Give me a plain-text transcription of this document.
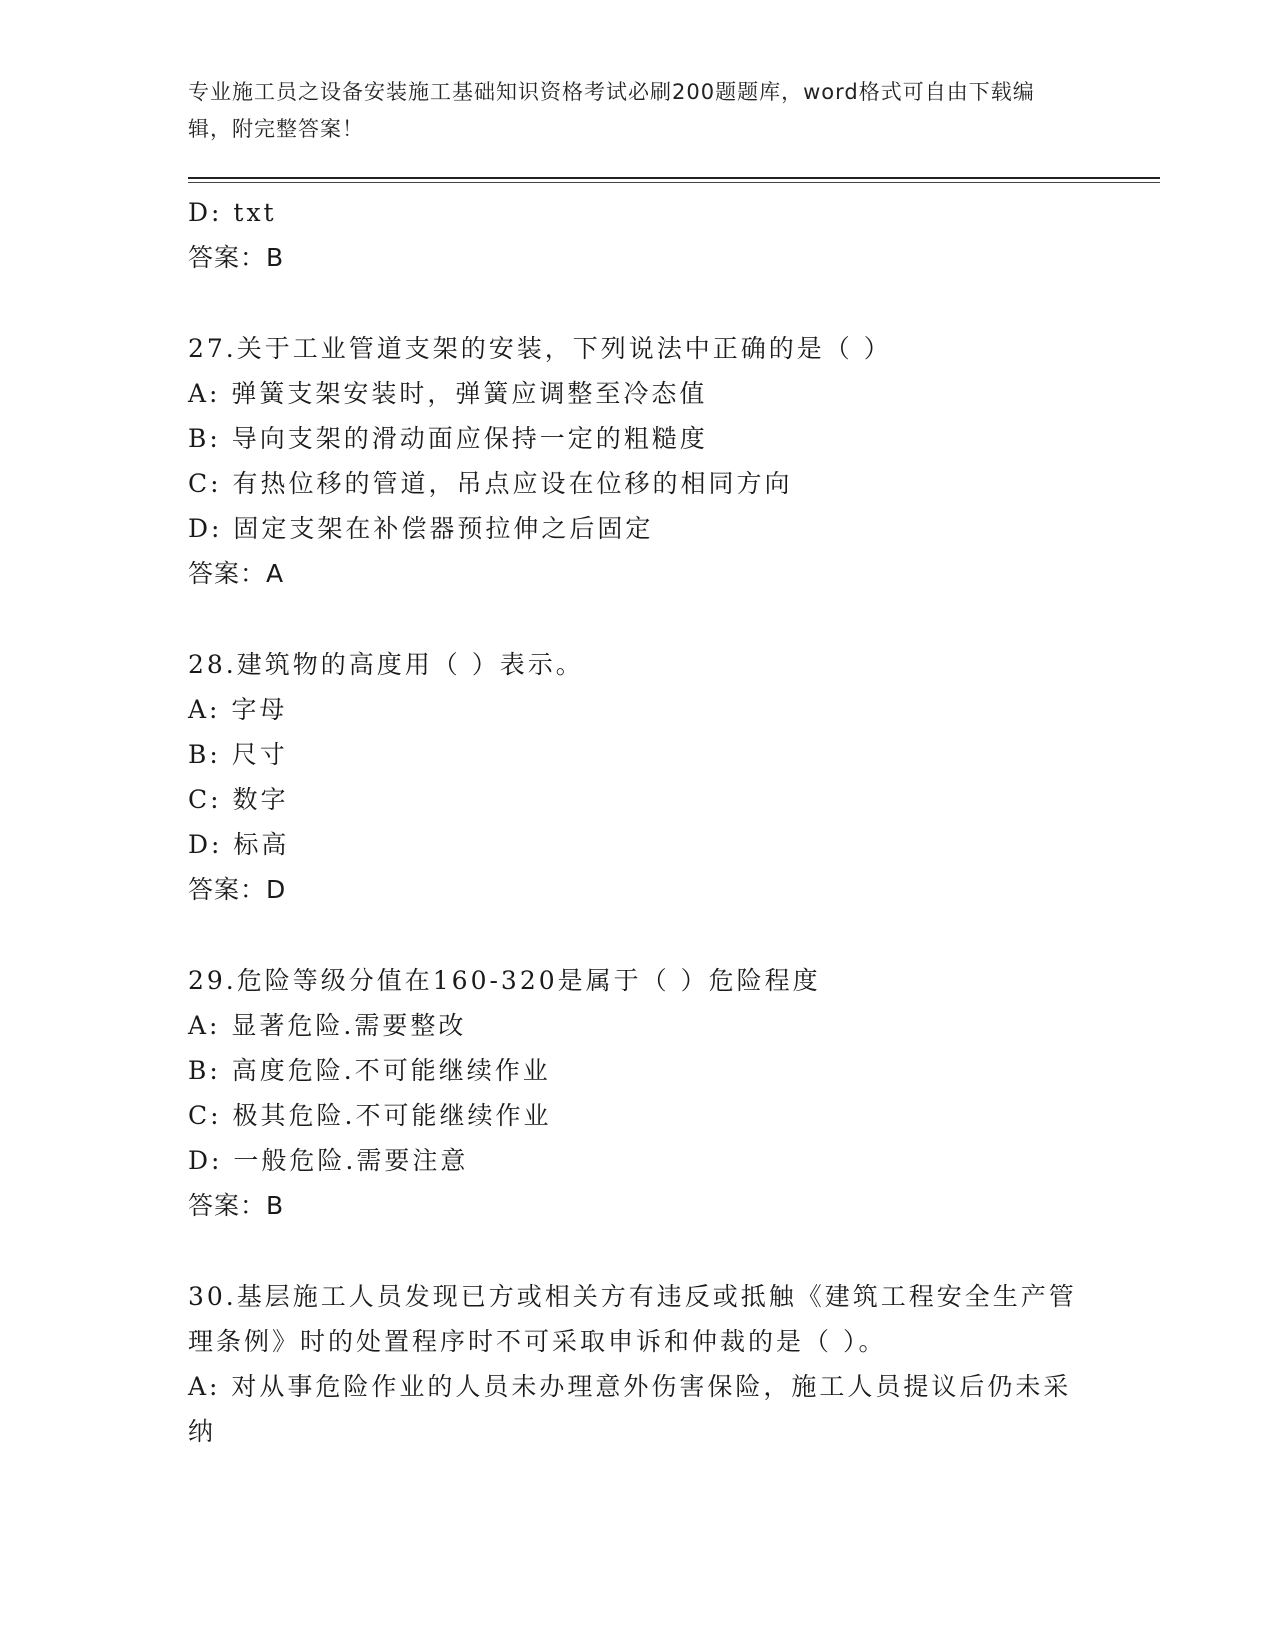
专业施工员之设备安装施工基础知识资格考试必刷200题题库，word格式可自由下载编辑，附完整答案！
D: txt
答案：B
27.关于工业管道支架的安装，下列说法中正确的是（ ）
A: 弹簧支架安装时，弹簧应调整至冷态值
B: 导向支架的滑动面应保持一定的粗糙度
C: 有热位移的管道，吊点应设在位移的相同方向
D: 固定支架在补偿器预拉伸之后固定
答案：A
28.建筑物的高度用（ ）表示。
A: 字母
B: 尺寸
C: 数字
D: 标高
答案：D
29.危险等级分值在160-320是属于（ ）危险程度
A: 显著危险.需要整改
B: 高度危险.不可能继续作业
C: 极其危险.不可能继续作业
D: 一般危险.需要注意
答案：B
30.基层施工人员发现已方或相关方有违反或抵触《建筑工程安全生产管理条例》时的处置程序时不可采取申诉和仲裁的是（ ）。
A: 对从事危险作业的人员未办理意外伤害保险，施工人员提议后仍未采纳
